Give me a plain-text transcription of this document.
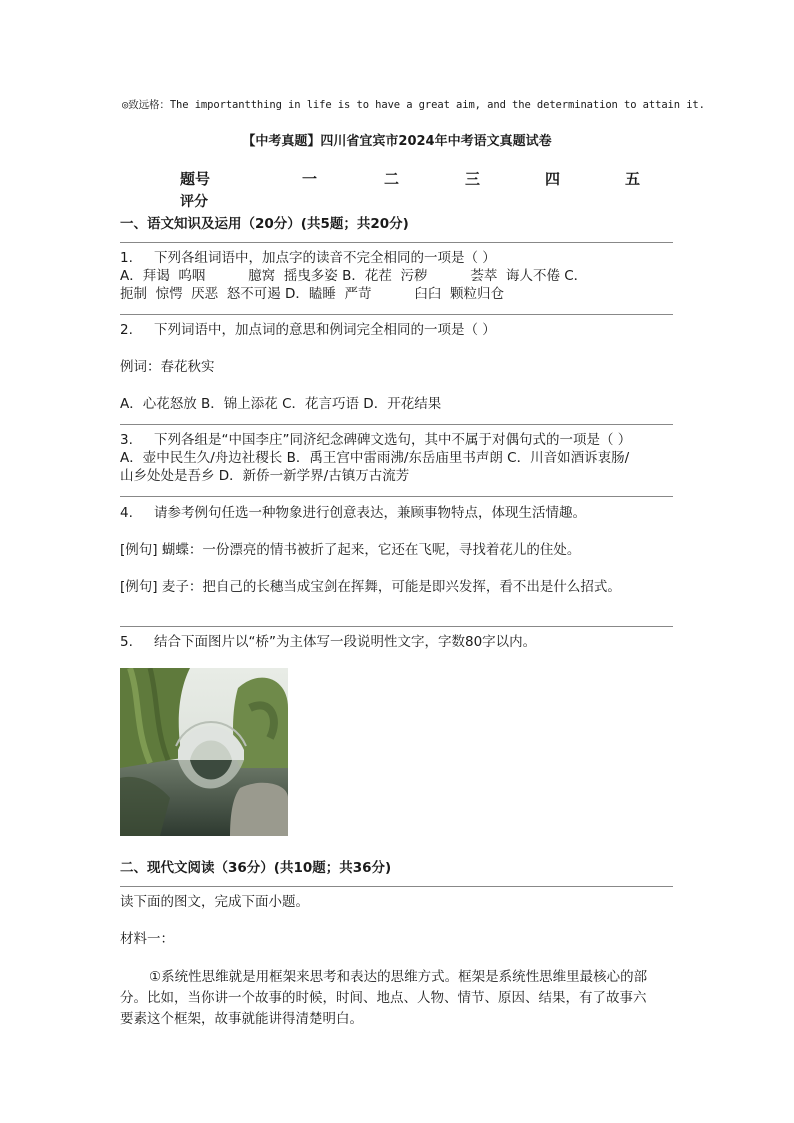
◎致远格：The importantthing in life is to have a great aim, and the determination to attain it.
【中考真题】四川省宜宾市2024年中考语文真题试卷
题号	一	二	三	四	五
评分
一、语文知识及运用（20分）(共5题；共20分)
1. 下列各组词语中，加点字的读音不完全相同的一项是（ ）
A．拜谒  呜咽          臆窝  摇曳多姿 B．花茬  污秽          荟萃  诲人不倦 C．
扼制  惊愕  厌恶  怒不可遏 D．瞌睡  严苛          臼臼  颗粒归仓
2. 下列词语中，加点词的意思和例词完全相同的一项是（ ）
例词：春花秋实
A．心花怒放 B．锦上添花 C．花言巧语 D．开花结果
3. 下列各组是“中国李庄”同济纪念碑碑文选句，其中不属于对偶句式的一项是（ ）
A．壶中民生久/舟边社稷长 B．禹王宫中雷雨沸/东岳庙里书声朗 C．川音如酒诉衷肠/
山乡处处是吾乡 D．新侨一新学界/古镇万古流芳
4. 请参考例句任选一种物象进行创意表达，兼顾事物特点，体现生活情趣。
[例句] 蝴蝶：一份漂亮的情书被折了起来，它还在飞呢，寻找着花儿的住处。
[例句] 麦子：把自己的长穗当成宝剑在挥舞，可能是即兴发挥，看不出是什么招式。
5. 结合下面图片以“桥”为主体写一段说明性文字，字数80字以内。
二、现代文阅读（36分）(共10题；共36分)
读下面的图文，完成下面小题。
材料一：
①系统性思维就是用框架来思考和表达的思维方式。框架是系统性思维里最核心的部
分。比如，当你讲一个故事的时候，时间、地点、人物、情节、原因、结果，有了故事六
要素这个框架，故事就能讲得清楚明白。
